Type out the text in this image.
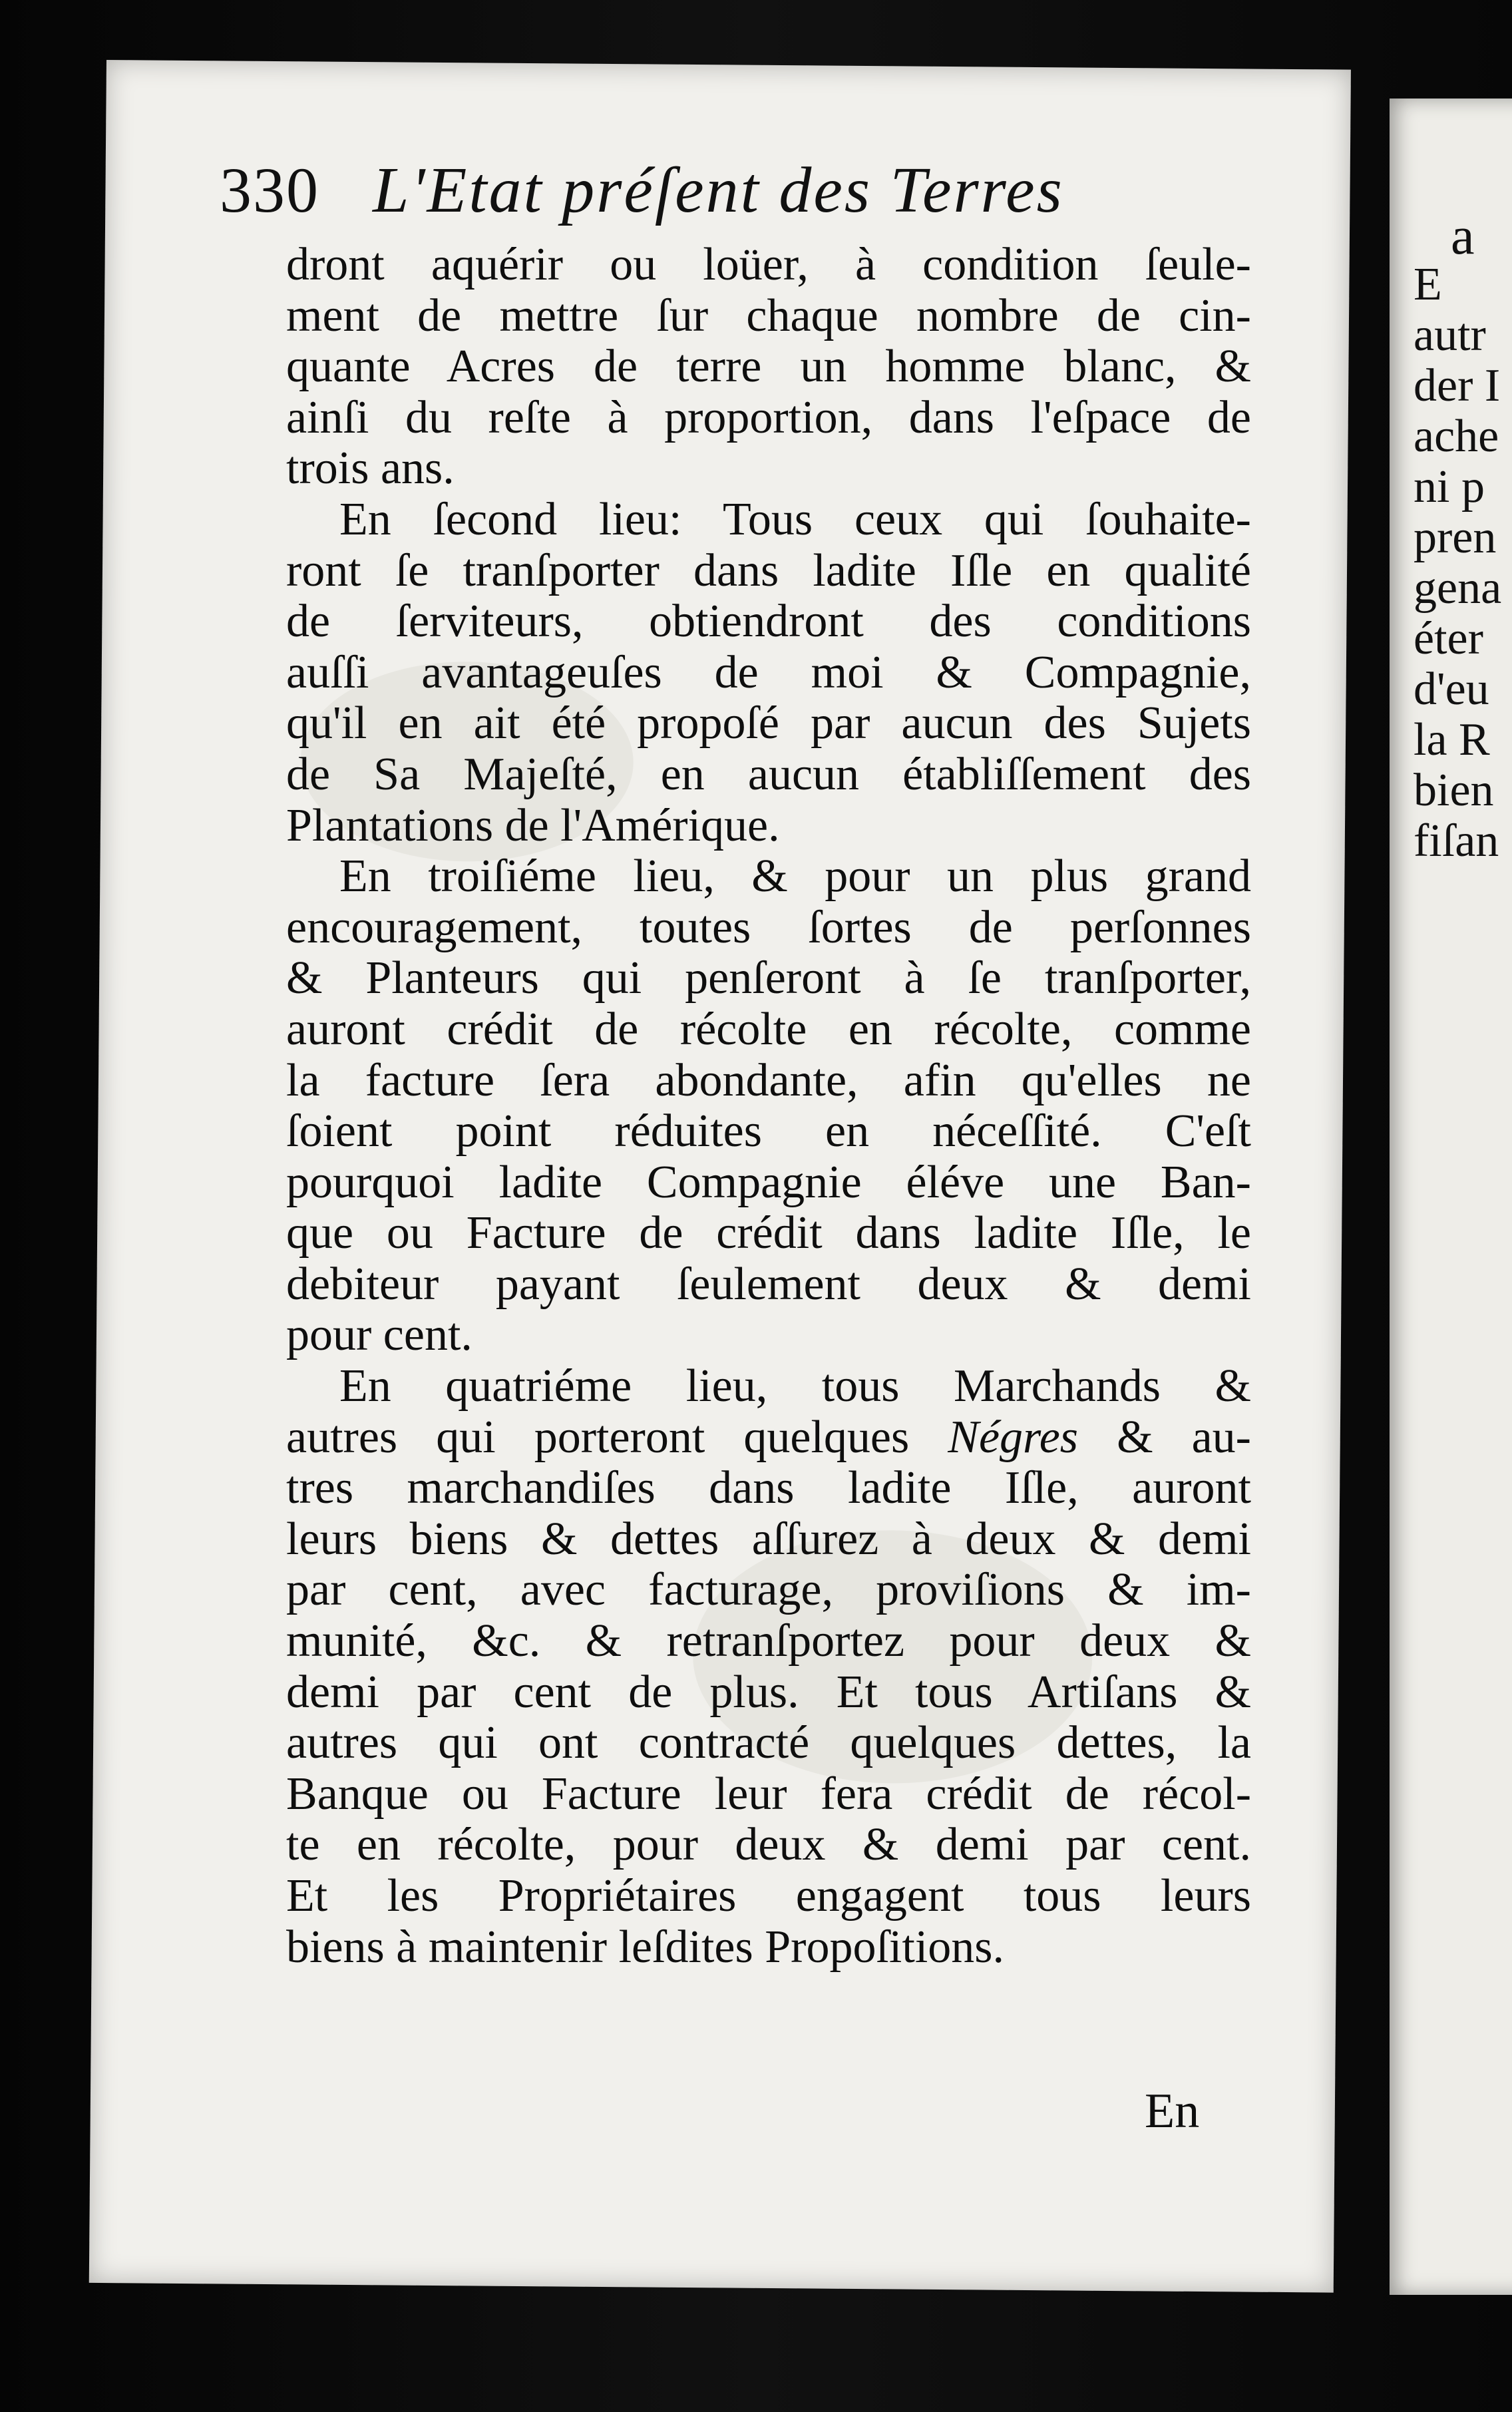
330 L'Etat préſent des Terres
dront aquérir ou loüer, à condition ſeule-
ment de mettre ſur chaque nombre de cin-
quante Acres de terre un homme blanc, &
ainſi du reſte à proportion, dans l'eſpace de
trois ans.
En ſecond lieu: Tous ceux qui ſouhaite-
ront ſe tranſporter dans ladite Iſle en qualité
de ſerviteurs, obtiendront des conditions
auſſi avantageuſes de moi & Compagnie,
qu'il en ait été propoſé par aucun des Sujets
de Sa Majeſté, en aucun établiſſement des
Plantations de l'Amérique.
En troiſiéme lieu, & pour un plus grand
encouragement, toutes ſortes de perſonnes
& Planteurs qui penſeront à ſe tranſporter,
auront crédit de récolte en récolte, comme
la facture ſera abondante, afin qu'elles ne
ſoient point réduites en néceſſité. C'eſt
pourquoi ladite Compagnie éléve une Ban-
que ou Facture de crédit dans ladite Iſle, le
debiteur payant ſeulement deux & demi
pour cent.
En quatriéme lieu, tous Marchands &
autres qui porteront quelques Négres & au-
tres marchandiſes dans ladite Iſle, auront
leurs biens & dettes aſſurez à deux & demi
par cent, avec facturage, proviſions & im-
munité, &c. & retranſportez pour deux &
demi par cent de plus. Et tous Artiſans &
autres qui ont contracté quelques dettes, la
Banque ou Facture leur fera crédit de récol-
te en récolte, pour deux & demi par cent.
Et les Propriétaires engagent tous leurs
biens à maintenir leſdites Propoſitions.
En
a
E
autr
der I
ache
ni p
pren
gena
éter
d'eu
la R
bien
fiſan
